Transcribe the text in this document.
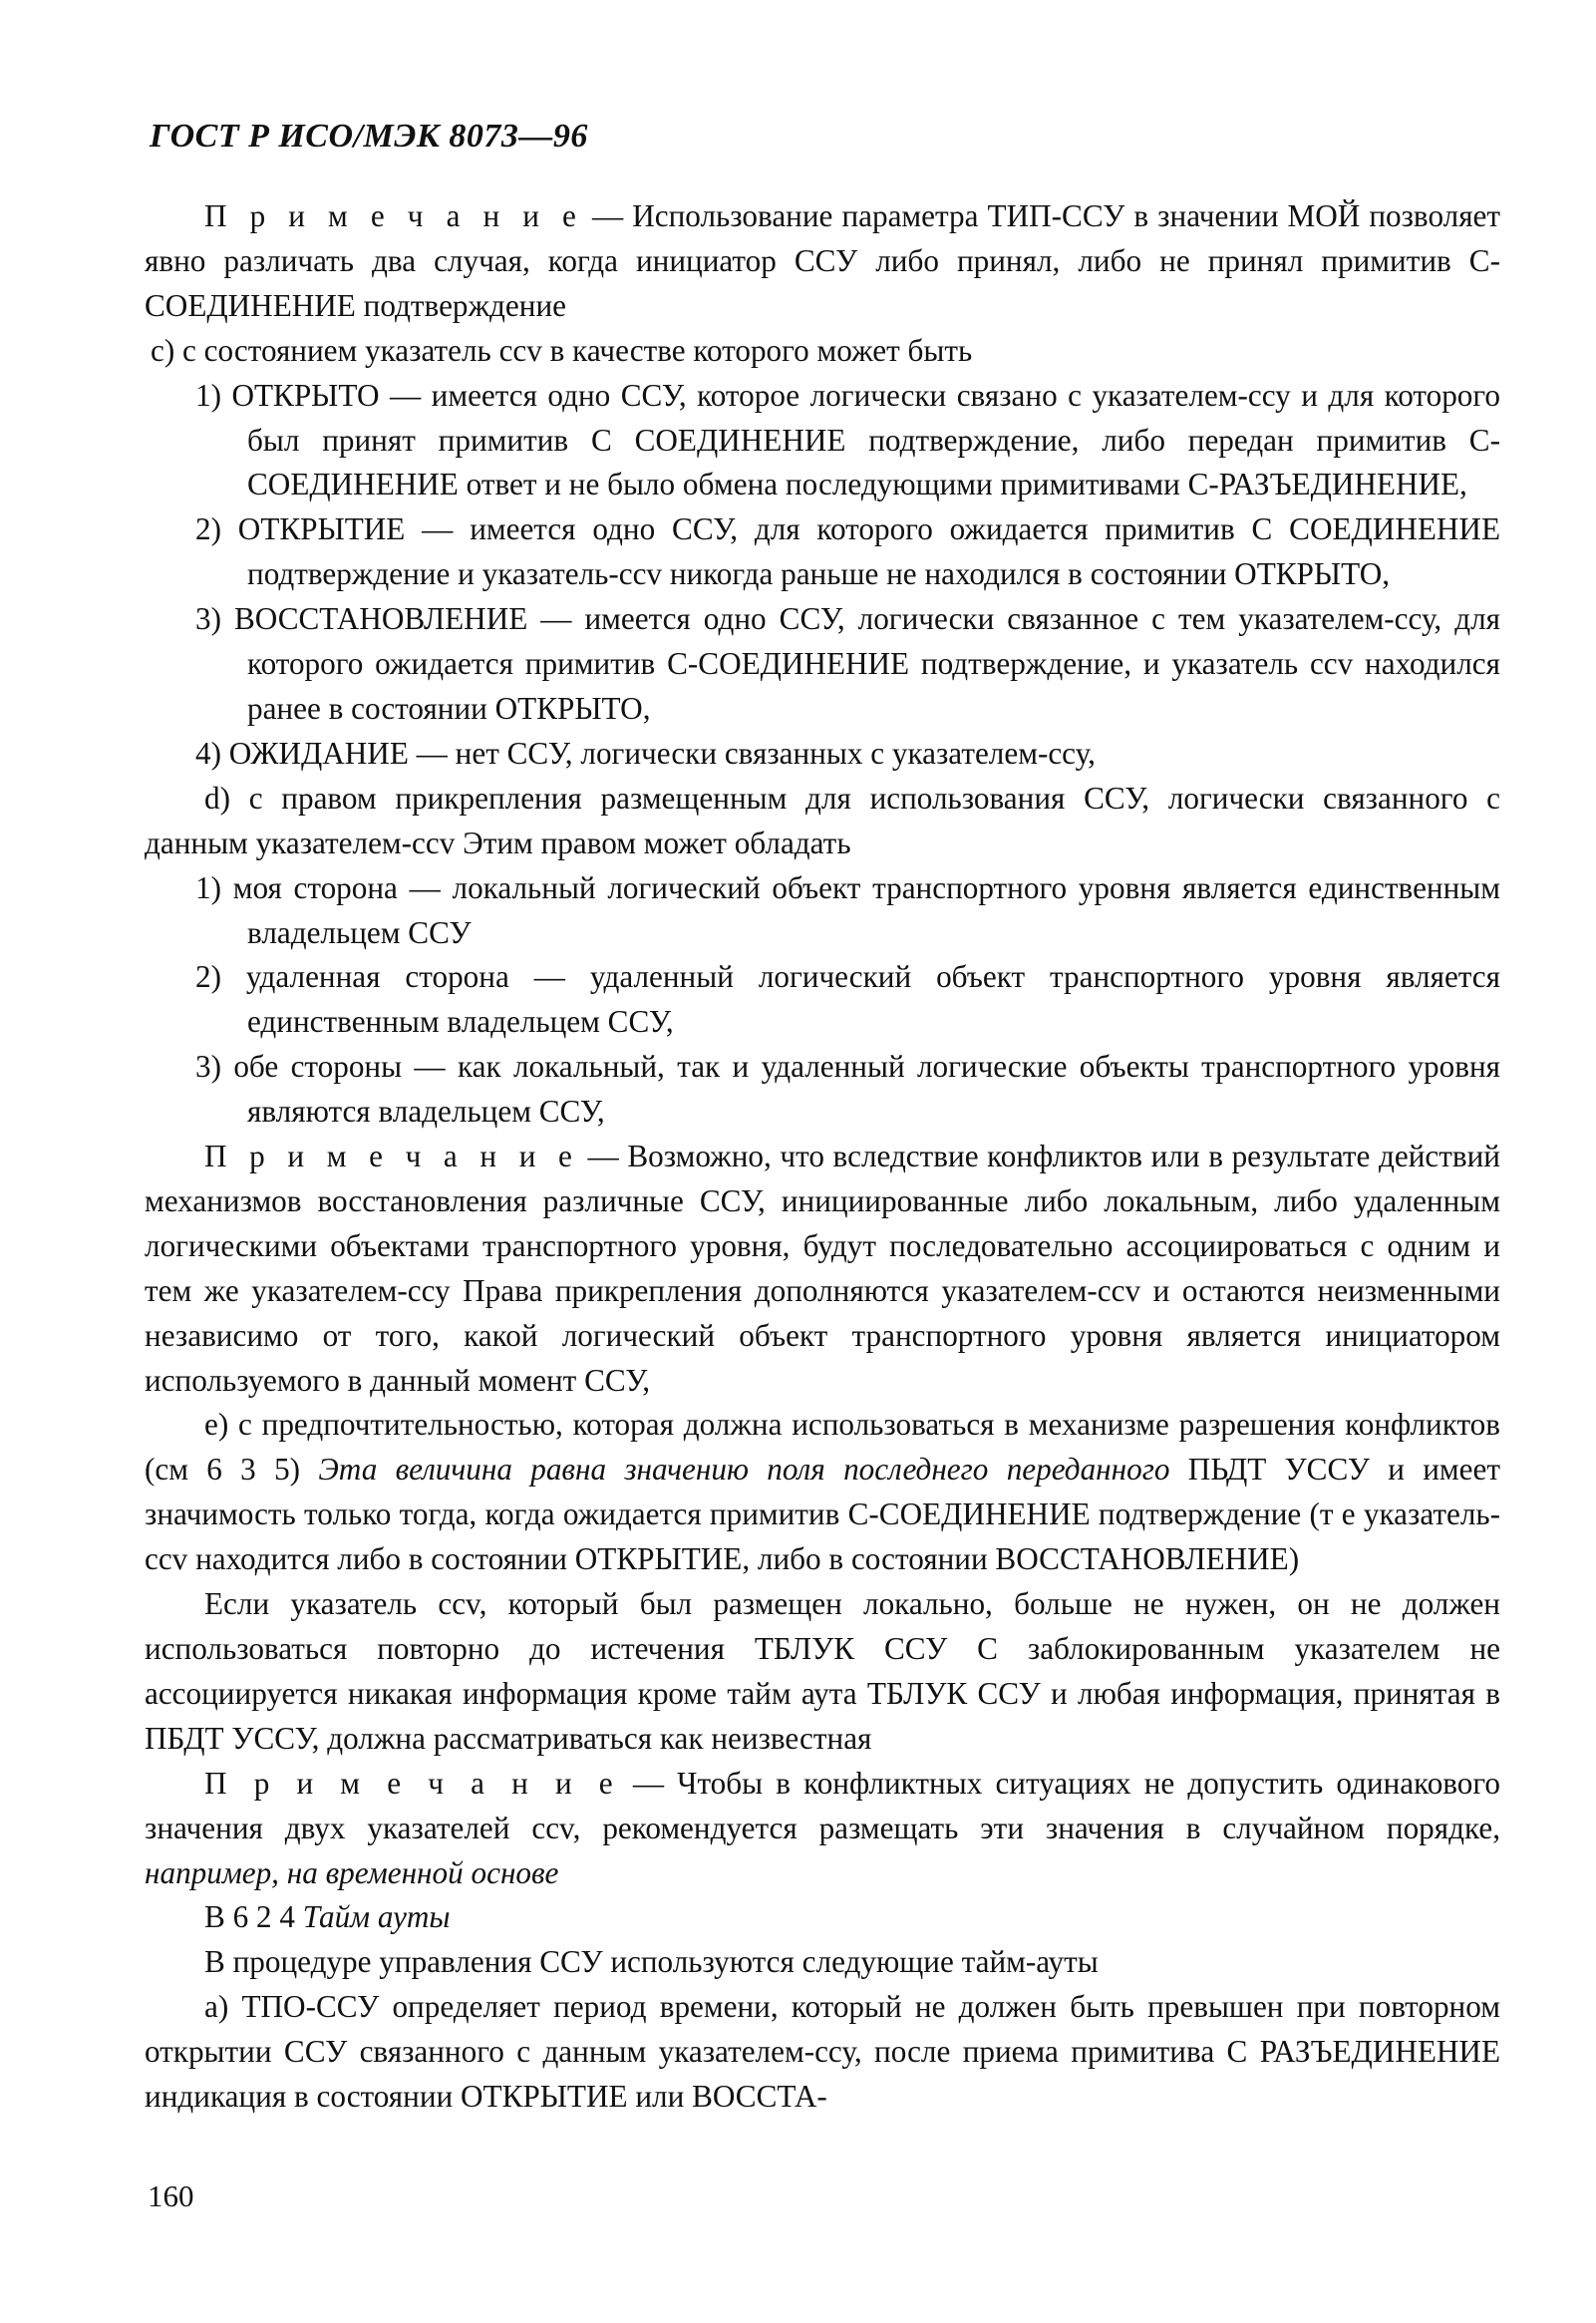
ГОСТ Р ИСО/МЭК 8073—96

П р и м е ч а н и е — Использование параметра ТИП-ССУ в значении МОЙ позволяет явно различать два случая, когда инициатор ССУ либо принял, либо не принял примитив С-СОЕДИНЕНИЕ подтверждение

с) с состоянием указатель ссv в качестве которого может быть

1) ОТКРЫТО — имеется одно ССУ, которое логически связано с указателем-ссу и для которого был принят примитив С СОЕДИНЕНИЕ подтверждение, либо передан примитив С-СОЕДИНЕНИЕ ответ и не было обмена последующими примитивами С-РАЗЪЕДИНЕНИЕ,

2) ОТКРЫТИЕ — имеется одно ССУ, для которого ожидается примитив С СОЕДИНЕНИЕ подтверждение и указатель-ссv никогда раньше не находился в состоянии ОТКРЫТО,

3) ВОССТАНОВЛЕНИЕ — имеется одно ССУ, логически связанное с тем указателем-ссу, для которого ожидается примитив С-СОЕДИНЕНИЕ подтверждение, и указатель ссv находился ранее в состоянии ОТКРЫТО,

4) ОЖИДАНИЕ — нет ССУ, логически связанных с указателем-ссу,

d) с правом прикрепления размещенным для использования ССУ, логически связанного с данным указателем-ссv Этим правом может обладать

1) моя сторона — локальный логический объект транспортного уровня является единственным владельцем ССУ

2) удаленная сторона — удаленный логический объект транспортного уровня является единственным владельцем ССУ,

3) обе стороны — как локальный, так и удаленный логические объекты транспортного уровня являются владельцем ССУ,

П р и м е ч а н и е — Возможно, что вследствие конфликтов или в результате действий механизмов восстановления различные ССУ, инициированные либо локальным, либо удаленным логическими объектами транспортного уровня, будут последовательно ассоциироваться с одним и тем же указателем-ссу Права прикрепления дополняются указателем-ссv и остаются неизменными независимо от того, какой логический объект транспортного уровня является инициатором используемого в данный момент ССУ,

е) с предпочтительностью, которая должна использоваться в механизме разрешения конфликтов (см 6 3 5) Эта величина равна значению поля последнего переданного ПЬДТ УССУ и имеет значимость только тогда, когда ожидается примитив С-СОЕДИНЕНИЕ подтверждение (т е указатель-ссv находится либо в состоянии ОТКРЫТИЕ, либо в состоянии ВОССТАНОВЛЕНИЕ)

Если указатель ссv, который был размещен локально, больше не нужен, он не должен использоваться повторно до истечения ТБЛУК ССУ С заблокированным указателем не ассоциируется никакая информация кроме тайм аута ТБЛУК ССУ и любая информация, принятая в ПБДТ УССУ, должна рассматриваться как неизвестная

П р и м е ч а н и е — Чтобы в конфликтных ситуациях не допустить одинакового значения двух указателей ссv, рекомендуется размещать эти значения в случайном порядке, например, на временной основе

В 6 2 4 Тайм ауты

В процедуре управления ССУ используются следующие тайм-ауты

а) ТПО-ССУ определяет период времени, который не должен быть превышен при повторном открытии ССУ связанного с данным указателем-ссу, после приема примитива С РАЗЪЕДИНЕНИЕ индикация в состоянии ОТКРЫТИЕ или ВОССТА-

160
